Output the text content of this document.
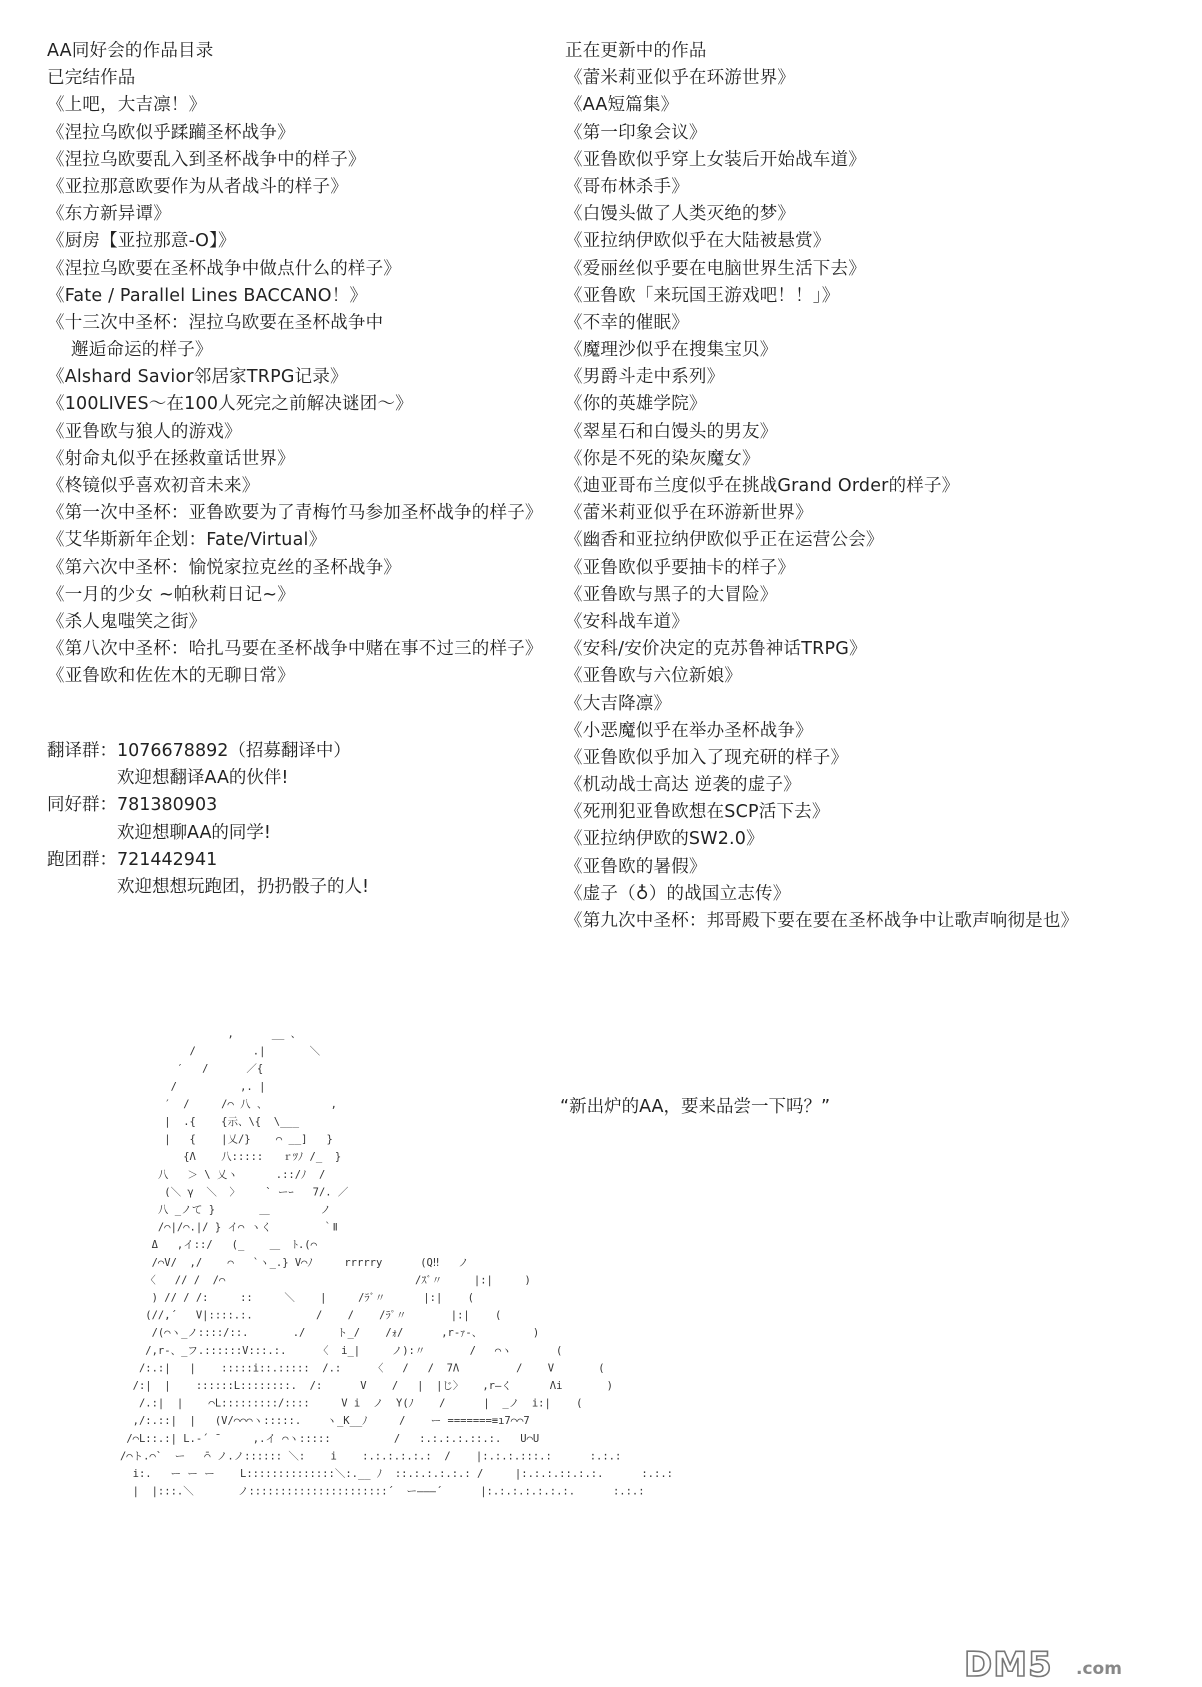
AA同好会的作品目录
已完结作品
《上吧，大吉凛！》
《涅拉乌欧似乎蹂躏圣杯战争》
《涅拉乌欧要乱入到圣杯战争中的样子》
《亚拉那意欧要作为从者战斗的样子》
《东方新异谭》
《厨房【亚拉那意-O】》
《涅拉乌欧要在圣杯战争中做点什么的样子》
《Fate / Parallel Lines BACCANO！》
《十三次中圣杯：涅拉乌欧要在圣杯战争中
邂逅命运的样子》
《Alshard Savior邻居家TRPG记录》
《100LIVES～在100人死完之前解决谜团～》
《亚鲁欧与狼人的游戏》
《射命丸似乎在拯救童话世界》
《柊镜似乎喜欢初音未来》
《第一次中圣杯：亚鲁欧要为了青梅竹马参加圣杯战争的样子》
《艾华斯新年企划：Fate/Virtual》
《第六次中圣杯：愉悦家拉克丝的圣杯战争》
《一月的少女 ~帕秋莉日记~》
《杀人鬼嗤笑之街》
《第八次中圣杯：哈扎马要在圣杯战争中赌在事不过三的样子》
《亚鲁欧和佐佐木的无聊日常》
翻译群：1076678892（招募翻译中）
欢迎想翻译AA的伙伴!
同好群：781380903
欢迎想聊AA的同学!
跑团群：721442941
欢迎想想玩跑团，扔扔骰子的人!
正在更新中的作品
《蕾米莉亚似乎在环游世界》
《AA短篇集》
《第一印象会议》
《亚鲁欧似乎穿上女装后开始战车道》
《哥布林杀手》
《白馒头做了人类灭绝的梦》
《亚拉纳伊欧似乎在大陆被悬赏》
《爱丽丝似乎要在电脑世界生活下去》
《亚鲁欧「来玩国王游戏吧！！」》
《不幸的催眠》
《魔理沙似乎在搜集宝贝》
《男爵斗走中系列》
《你的英雄学院》
《翠星石和白馒头的男友》
《你是不死的染灰魔女》
《迪亚哥布兰度似乎在挑战Grand Order的样子》
《蕾米莉亚似乎在环游新世界》
《幽香和亚拉纳伊欧似乎正在运营公会》
《亚鲁欧似乎要抽卡的样子》
《亚鲁欧与黑子的大冒险》
《安科战车道》
《安科/安价决定的克苏鲁神话TRPG》
《亚鲁欧与六位新娘》
《大吉降凛》
《小恶魔似乎在举办圣杯战争》
《亚鲁欧似乎加入了现充研的样子》
《机动战士高达 逆袭的虚子》
《死刑犯亚鲁欧想在SCP活下去》
《亚拉纳伊欧的SW2.0》
《亚鲁欧的暑假》
《虚子（♁）的战国立志传》
《第九次中圣杯：邦哥殿下要在要在圣杯战争中让歌声响彻是也》
,      __ 、
/         .|       ＼
′   /      ／{
/          ,. |
′  /     /⌒ 八 、          ,
|  .{    {示、\{  \___
|   {    |乂/}    ⌒ __]   }
{Λ    八:::::   ｒﾂﾉ /_  }
八   ＞ \ 乂ヽ      .::/ﾉ  /
(＼ γ  ＼  〉    ` ーｰ   7/. ／
八 _ノて }       ＿        ノ
/⌒|/⌒.|/ } イ⌒ ヽく        ｀Ⅱ
Δ   ,イ::/   (_    ＿  ﾄ.(⌒
/⌒V/  ,/    ⌒   `ヽ_.} V⌒ﾉ     rrrrry      (Q‼   ノ
〈   // /  /⌒                              /ｽﾞ〃     |:|     )
) // / /:     ::     ＼    |     /ﾗﾞ〃      |:|    (
(//,´   V|::::.:.          /    /    /ﾗﾟ〃       |:|    (
/(⌒ヽ_ノ::::/::.       ./     ト_/    /ｫ/      ,r‐ｧ‐、        )
/,r‐、_フ.::::::V:::.:.     〈  i_|     ノ):〃       /   ⌒ヽ       (
/:.:|   |    :::::i::.:::::  /.:     〈   /   /  7Λ         /    V       (
/:|  |    ::::::L::::::::.  /:      V    /   |  |じ〉   ,r―く      Λi       )
/.:|  |    ⌒L:::::::::/::::     V i  ノ  Y(ﾉ    /      |  _ノ  i:|    (
,/:.::|  |   (V/⌒⌒⌒ヽ:::::.    ヽ_K__ﾉ     /    ー =======≡ı7⌒⌒7
/⌒L::.:| L.-´ ̄      ,.イ ⌒ヽ:::::          /   :.:.:.:.::.:.   U⌒U
/⌒ト.⌒`  ー   ̄⌒ ノ.ノ:::::: ＼:    i    :.:.:.:.:.:  /    |:.:.:.:::.:      :.:.:
i:.   ー ー ー    L::::::::::::::＼:.__ ﾉ  ::.:.:.:.:.: /     |:.:.:.::.:.:.      :.:.:
|  |:::.＼       ノ::::::::::::::::::::::´  ー―――´      |:.:.:.:.:.:.:.      :.:.:
“新出炉的AA，要来品尝一下吗？”
DM5 .com
